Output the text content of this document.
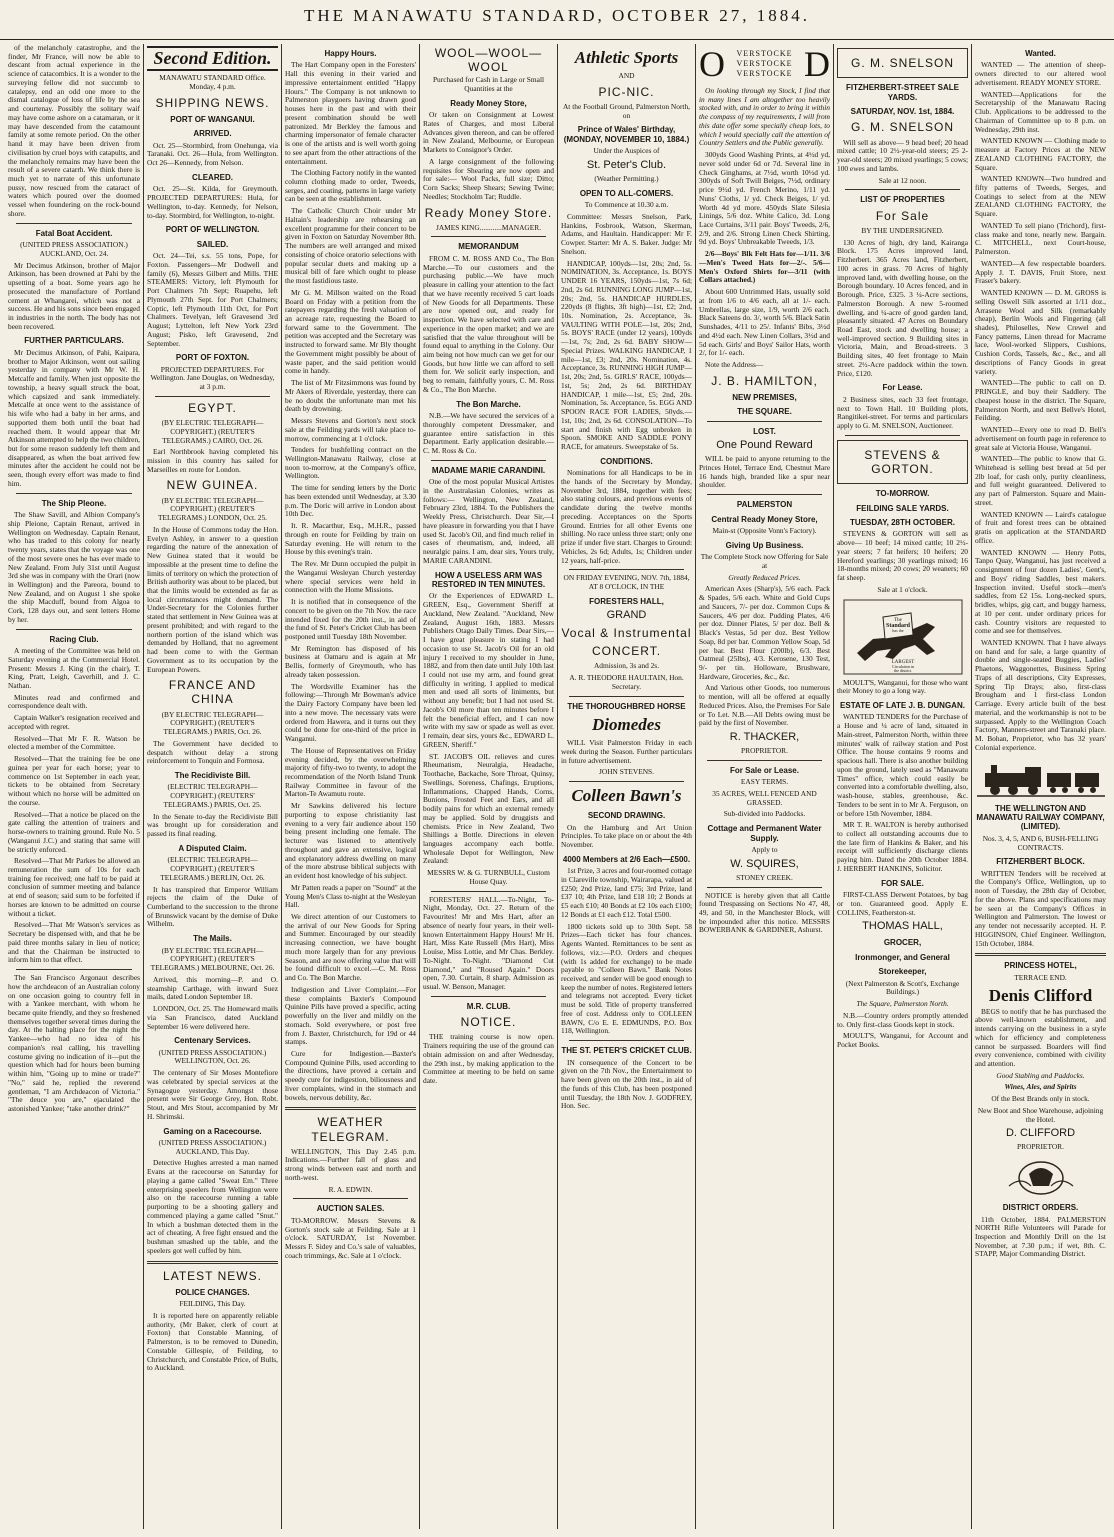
THE MANAWATU STANDARD, OCTOBER 27, 1884.

of the melancholy catastrophe, and the finder, Mr France, will now be able to descant from actual experience in the science of catacombics. It is a wonder to the surveying fellow did not succumb to catalepsy, end an odd one more to the dismal catalogue of loss of life by the sea and courtenay. Possibly the solitary waif may have come ashore on a catamaran, or it may have descended from the catamount family at some remote period. On the other hand it may have been driven from civilisation by cruel boys with catapults, and the melancholy remains may have been the result of a severe catarrh. We think there is much yet to narrate of this unfortunate pussy, now rescued from the cataract of waters which poured over the doomed vessel when foundering on the rock-bound shore.

Fatal Boat Accident.

(UNITED PRESS ASSOCIATION.) AUCKLAND, Oct. 24.

Mr Decimus Atkinson, brother of Major Atkinson, has been drowned at Pahi by the upsetting of a boat. Some years ago he prosecuted the manufacture of Portland cement at Whangarei, which was not a success. He and his sons since been engaged in industries in the north. The body has not been recovered.

FURTHER PARTICULARS.

Mr Decimus Atkinson, of Pahi, Kaipara, brother to Major Atkinson, went out sailing yesterday in company with Mr W. H. Metcalfe and family. When just opposite the township, a heavy squall struck the boat, which capsized and sank immediately. Metcalfe at once went to the assistance of his wife who had a baby in her arms, and supported them both until the boat had reached them. It would appear that Mr Atkinson attempted to help the two children, but for some reason suddenly left them and disappeared, as when the boat arrived few minutes after the accident he could not be seen, though every effort was made to find him.

The Ship Pleone.

The Shaw Savill, and Albion Company's ship Pleione, Captain Renaut, arrived in Wellington on Wednesday. Captain Renaut, who has traded to this colony for nearly twenty years, states that the voyage was one of the most severe ones he has ever made to New Zealand. From July 31st until August 3rd she was in company with the Orari (now in Wellington) and the Pareora, bound to New Zealand, and on August 1 she spoke the ship Macduff, bound from Algoa to Cork, 128 days out, and sent letters Home by her.

Racing Club.

A meeting of the Committee was held on Saturday evening at the Commercial Hotel. Present: Messrs J. King (in the chair), T. King, Pratt, Leigh, Caverhill, and J. C. Nathan.

Minutes read and confirmed and correspondence dealt with.

Captain Walker's resignation received and accepted with regret.

Resolved—That Mr F. R. Watson be elected a member of the Committee.

Resolved—That the training fee be one guinea per year for each horse; year to commence on 1st September in each year, tickets to be obtained from Secretary without which no horse will be admitted on the course.

Resolved—That a notice be placed on the gate calling the attention of trainers and horse-owners to training ground. Rule No. 5 (Wanganui J.C.) and stating that same will be strictly enforced.

Resolved—That Mr Parkes be allowed an remuneration the sum of 10s for each training fee received; one half to be paid at conclusion of summer meeting and balance at end of season; said sum to be forfeited if horses are known to be admitted on course without a ticket.

Resolved—That Mr Watson's services as Secretary be dispensed with, and that he be paid three months salary in lieu of notice; and that the Chairman be instructed to inform him to that effect.

The San Francisco Argonaut describes how the archdeacon of an Australian colony on one occasion going to country fell in with a Yankee merchant, with whom he became quite friendly, and they so freshened themselves together several times during the day. At the halting place for the night the Yankee—who had no idea of his companion's real calling, his travelling costume giving no indication of it—put the question which had for hours been burning within him, "Going up to mine or trade?" "No," said he, replied the reverend gentleman, "I am Archdeacon of Victoria." "The deuce you are," ejaculated the astonished Yankee; "take another drink?"

Second Edition.

MANAWATU STANDARD Office. Monday, 4 p.m.

SHIPPING NEWS.
PORT OF WANGANUI.
ARRIVED.

Oct. 25—Stormbird, from Onehunga, via Taranaki. Oct. 26—Hula, from Wellington. Oct 26—Kennedy, from Nelson.

CLEARED.

Oct. 25—St. Kilda, for Greymouth. PROJECTED DEPARTURES: Hula, for Wellington, to-day. Kennedy, for Nelson, to-day. Stormbird, for Wellington, to-night.

PORT OF WELLINGTON.
SAILED.

Oct. 24—Tei, s.s. 55 tons, Pope, for Foxton. Passengers—Mr Dodwell and family (6), Messrs Gilbert and Mills. THE STEAMERS: Victory, left Plymouth for Port Chalmers 7th Sept; Ruapehu, left Plymouth 27th Sept. for Port Chalmers; Coptic, left Plymouth 11th Oct, for Port Chalmers. Tevelyan, left Gravesend 3rd August; Lyttelton, left New York 23rd August; Pisko, left Gravesend, 2nd September.

PORT OF FOXTON.

PROJECTED DEPARTURES. For Wellington. Jane Douglas, on Wednesday, at 3 p.m.

EGYPT.

(BY ELECTRIC TELEGRAPH—COPYRIGHT.) (REUTER'S TELEGRAMS.) CAIRO, Oct. 26.

Earl Northbrook having completed his mission in this country has sailed for Marseilles en route for London.

NEW GUINEA.

(BY ELECTRIC TELEGRAPH—COPYRIGHT.) (REUTER'S TELEGRAMS.) LONDON, Oct. 25.

In the House of Commons today the Hon. Evelyn Ashley, in answer to a question regarding the nature of the annexation of New Guinea stated that it would be impossible at the present time to define the limits of territory on which the protection of British authority was about to be placed, but that the limits would be extended as far as local circumstances might demand. The Under-Secretary for the Colonies further stated that settlement in New Guinea was at present prohibited; and with regard to the northern portion of the island which was demanded by Holland, that no agreement had been come to with the German Government as to its occupation by the European Powers.

FRANCE AND CHINA

(BY ELECTRIC TELEGRAPH—COPYRIGHT.) (REUTER'S TELEGRAMS.) PARIS, Oct. 26.

The Government have decided to despatch without delay a strong reinforcement to Tonquin and Formosa.

The Recidiviste Bill.

(ELECTRIC TELEGRAPH—COPYRIGHT.) (REUTERS' TELEGRAMS.) PARIS, Oct. 25.

In the Senate to-day the Recidiviste Bill was brought up for consideration and passed its final reading.

A Disputed Claim.

(ELECTRIC TELEGRAPH—COPYRIGHT.) (REUTER'S TELEGRAMS.) BERLIN, Oct. 26.

It has transpired that Emperor William rejects the claim of the Duke of Cumberland to the succession to the throne of Brunswick vacant by the demise of Duke Wilhelm.

The Mails.

(BY ELECTRIC TELEGRAPH—COPYRIGHT.) (REUTER'S TELEGRAMS.) MELBOURNE, Oct. 26.

Arrived, this morning—P. and O. steamship Carthage, with inward Suez mails, dated London September 18.

LONDON, Oct. 25. The Homeward mails via San Francisco, dated Auckland September 16 were delivered here.

Centenary Services.

(UNITED PRESS ASSOCIATION.) WELLINGTON, Oct. 26.

The centenary of Sir Moses Montefiore was celebrated by special services at the Synagogue yesterday. Amongst those present were Sir George Grey, Hon. Robt. Stout, and Mrs Stout, accompanied by Mr H. Shrimski.

Gaming on a Racecourse.

(UNITED PRESS ASSOCIATION.) AUCKLAND, This Day.

Detective Hughes arrested a man named Evans at the racecourse on Saturday for playing a game called "Sweat Em." Three enterprising speelers from Wellington were also on the racecourse running a table purporting to be a shooting gallery and commenced playing a game called "Snut." In which a bushman detected them in the act of cheating. A free fight ensued and the bushman smashed up the table, and the speelers got well cuffed by him.

LATEST NEWS.
POLICE CHANGES.

FEILDING, This Day.

It is reported here on apparently reliable authority, (Mr Baker, clerk of court at Foxton) that Constable Manning, of Palmerston, is to be removed to Dunedin, Constable Gillespie, of Feilding, to Christchurch, and Constable Price, of Bulls, to Auckland.

Happy Hours.

The Hart Company open in the Foresters' Hall this evening in their varied and impressive entertainment entitled "Happy Hours." The Company is not unknown to Palmerston playgoers having drawn good houses here in the past and with their present combination should be well patronized. Mr Berkley the famous and charming impersonator of female character is one of the artists and is well worth going to see apart from the other attractions of the entertainment.

The Clothing Factory notify in the wanted column clothing made to order, Tweeds, serges, and coating, patterns in large variety can be seen at the establishment.

The Catholic Church Choir under Mr Haltain's leadership are rehearsing an excellent programme for their concert to be given in Foxton on Saturday November 8th. The numbers are well arranged and mixed consisting of choice oratorio selections with popular secular duets and making up a musical bill of fare which ought to please the most fastidious taste.

Mr G. M. Millson waited on the Road Board on Friday with a petition from the ratepayers regarding the fresh valuation of an acreage rate, requesting the Board to forward same to the Government. The petition was accepted and the Secretary was instructed to forward same. Mr Bly thought the Government might possibly be about of waste paper, and the said petition would come in handy.

The list of Mr Fitzsimmons was found by Mr Akers of Riverdale, yesterday, there can be no doubt the unfortunate man met his death by drowning.

Messrs Stevens and Gorton's next stock sale at the Feilding yards will take place to-morrow, commencing at 1 o'clock.

Tenders for bushfelling contract on the Wellington-Manawatu Railway, close at noon to-morrow, at the Company's office, Wellington.

The time for sending letters by the Doric has been extended until Wednesday, at 3.30 p.m. The Doric will arrive in London about 10th Dec.

It. R. Macarthur, Esq., M.H.R., passed through en route for Feilding by train on Saturday evening. He will return to the House by this evening's train.

The Rev. Mr Dunn occupied the pulpit in the Wanganui Wesleyan Church yesterday where special services were held in connection with the Home Missions.

It is notified that in consequence of the concert to be given on the 7th Nov. the race intended fixed for the 20th inst., in aid of the fund of St. Peter's Cricket Club has been postponed until Tuesday 18th November.

Mr Remington has disposed of his business at Oamaru and is again at Mr Bellis, formerly of Greymouth, who has already taken possession.

The Wordsville Examiner has the following:—Through Mr Bowman's advice the Dairy Factory Company have been led into a new move. The necessary vats were ordered from Hawera, and it turns out they could be done for one-third of the price in Wanganui.

The House of Representatives on Friday evening decided, by the overwhelming majority of fifty-two to twenty, to adopt the recommendation of the North Island Trunk Railway Committee in favour of the Marton-Te Awamutu route.

Mr Sawkins delivered his lecture purporting to expose christianity last evening to a very fair audience about 150 being present including one female. The lecturer was listened to attentively throughout and gave an extensive, logical and explanatory address dwelling on many of the more abstruse biblical subjects with an evident host knowledge of his subject.

Mr Patten reads a paper on "Sound" at the Young Men's Class to-night at the Wesleyan Hall.

We direct attention of our Customers to the arrival of our New Goods for Spring and Summer. Encouraged by our steadily increasing connection, we have bought much more largely than for any previous Season, and are now offering value that will be found difficult to excel.—C. M. Ross and Co. The Bon Marche.

Indigestion and Liver Complaint.—For these complaints Baxter's Compound Quinine Pills have proved a specific, acting powerfully on the liver and mildly on the stomach. Sold everywhere, or post free from J. Baxter, Christchurch, for 19d or 44 stamps.

Cure for Indigestion.—Baxter's Compound Quinine Pills, used according to the directions, have proved a certain and speedy cure for indigestion, biliousness and liver complaints, wind in the stomach and bowels, nervous debility, &c.

WEATHER TELEGRAM.

WELLINGTON, This Day 2.45 p.m. Indications.—Further fall of glass and strong winds between east and north and north-west.

R. A. EDWIN.

AUCTION SALES.

TO-MORROW. Messrs Stevens & Gorton's stock sale at Feilding. Sale at 1 o'clock. SATURDAY, 1st November. Messrs F. Sidey and Co.'s sale of valuables, coach trimmings, &c. Sale at 1 o'clock.

WOOL—WOOL—WOOL

Purchased for Cash in Large or Small Quantities at the

Ready Money Store,

Or taken on Consignment at Lowest Rates of Charges, and most Liberal Advances given thereon, and can be offered in New Zealand, Melbourne, or European Markets to Consignor's Order.

A large consignment of the following requisites for Shearing are now open and for sale:— Wool Packs, full size; Ditto; Corn Sacks; Sheep Shears; Sewing Twine; Needles; Stockholm Tar; Ruddle.

Ready Money Store.

JAMES KING............MANAGER.

MEMORANDUM

FROM C. M. ROSS AND Co., The Bon Marche.—To our customers and the purchasing public.—We have much pleasure in calling your attention to the fact that we have recently received 5 cart loads of New Goods for all Departments. These are now opened out, and ready for inspection. We have selected with care and experience in the open market; and we are satisfied that the value throughout will be found equal to anything in the Colony. Our aim being not how much can we get for our Goods, but how little we can afford to sell them for. We solicit early inspection, and beg to remain, faithfully yours, C. M. Ross & Co., The Bon Marche.

The Bon Marche.

N.B.—We have secured the services of a thoroughly competent Dressmaker, and guarantee entire satisfaction in this Department. Early application desirable.—C. M. Ross & Co.

MADAME MARIE CARANDINI.

One of the most popular Musical Artistes in the Australasian Colonies, writes as follows:— Wellington, New Zealand, February 23rd, 1884. To the Publishers the Weekly Press, Christchurch. Dear Sir,—I have pleasure in forwarding you that I have used St. Jacob's Oil, and find much relief in cases of rheumatism, and, indeed, all neuralgic pains. I am, dear sirs, Yours truly, MARIE CARANDINI.

HOW A USELESS ARM WAS RESTORED IN TEN MINUTES.

Or the Experiences of EDWARD L. GREEN, Esq., Government Sheriff at Auckland, New Zealand. "Auckland, New Zealand, August 16th, 1883. Messrs Publishers Otago Daily Times. Dear Sirs,—I have great pleasure in stating I had occasion to use St. Jacob's Oil for an old injury I received to my shoulder in June, 1882, and from then date until July 10th last I could not use my arm, and found great difficulty in writing. I applied to medical men and used all sorts of liniments, but without any benefit; but I had not used St. Jacob's Oil more than ten minutes before I felt the beneficial effect, and I can now write with my saw or spade as well as ever. I remain, dear sirs, yours &c., EDWARD L. GREEN, Sheriff."

ST. JACOB'S OIL relieves and cures Rheumatism, Neuralgia, Headache, Toothache, Backache, Sore Throat, Quinsy, Swellings, Soreness, Chafings, Eruptions, Inflammations, Chapped Hands, Corns, Bunions, Frosted Feet and Ears, and all bodily pains for which an external remedy may be applied. Sold by druggists and chemists. Price in New Zealand, Two Shillings a Bottle. Directions in eleven languages accompany each bottle. Wholesale Depot for Wellington, New Zealand:

MESSRS W. & G. TURNBULL, Custom House Quay.

FORESTERS' HALL.—To-Night, To-Night, Monday, Oct. 27. Return of the Favourites! Mr and Mrs Hart, after an absence of nearly four years, in their well-known Entertainment Happy Hours! Mr H. Hart, Miss Kate Russell (Mrs Hart), Miss Louise, Miss Lottie, and Mr Chas. Berkley. To-Night. To-Night. "Diamond Cut Diamond," and "Roused Again." Doors open, 7.30. Curtain, 8 sharp. Admission as usual. W. Benson, Manager.

M.R. CLUB.
NOTICE.

THE training course is now open. Trainers requiring the use of the ground can obtain admission on and after Wednesday, the 29th inst., by making application to the Committee at meeting to be held on same date.

Athletic Sports

AND

PIC-NIC.

At the Football Ground, Palmerston North, on

Prince of Wales' Birthday, (MONDAY, NOVEMBER 10, 1884.)

Under the Auspices of

St. Peter's Club.

(Weather Permitting.)

OPEN TO ALL-COMERS.

To Commence at 10.30 a.m.

Committee: Messrs Snelson, Park, Hankins, Fosbrook, Watson, Skerman, Adams, and Haultain. Handicapper: Mr F. Cowper. Starter: Mr A. S. Baker. Judge: Mr Snelson.

HANDICAP, 100yds—1st, 20s; 2nd, 5s. NOMINATION, 3s. Acceptance, 1s. BOYS UNDER 16 YEARS, 150yds—1st, 7s 6d; 2nd, 2s 6d. RUNNING LONG JUMP—1st, 20s; 2nd, 5s. HANDICAP HURDLES, 220yds (8 flights, 3ft high)—1st, £2; 2nd, 10s. Nomination, 2s. Acceptance, 3s. VAULTING WITH POLE—1st, 20s; 2nd, 5s. BOYS' RACE (under 12 years), 100yds—1st, 7s; 2nd, 2s 6d. BABY SHOW—Special Prizes. WALKING HANDICAP, 1 mile—1st, £3; 2nd, 20s. Nomination, 4s. Acceptance, 3s. RUNNING HIGH JUMP—1st, 20s; 2nd, 5s. GIRLS' RACE, 100yds—1st, 5s; 2nd, 2s 6d. BIRTHDAY HANDICAP, 1 mile—1st, £5; 2nd, 20s. Nomination, 5s. Acceptance, 5s. EGG AND SPOON RACE FOR LADIES, 50yds.—1st, 10s; 2nd, 2s 6d. CONSOLATION—To start and finish with Egg unbroken in Spoon. SMOKE AND SADDLE PONY RACE, for amateurs. Sweepstake of 5s.

CONDITIONS.

Nominations for all Handicaps to be in the hands of the Secretary by Monday, November 3rd, 1884, together with fees; also stating colours, and previous events of candidate during the twelve months preceding. Acceptances on the Sports Ground. Entries for all other Events one shilling. No race unless three start; only one prize if under five start. Charges to Ground: Vehicles, 2s 6d; Adults, 1s; Children under 12 years, half-price.

ON FRIDAY EVENING, NOV. 7th, 1884, AT 8 O'CLOCK, IN THE

FORESTERS HALL,
GRAND
Vocal & Instrumental
CONCERT.

Admission, 3s and 2s.

A. R. THEODORE HAULTAIN, Hon. Secretary.

THE THOROUGHBRED HORSE
Diomedes

WILL Visit Palmerston Friday in each week during the Season. Further particulars in future advertisement.

JOHN STEVENS.

Colleen Bawn's
SECOND DRAWING.

On the Hamburg and Art Union Principles. To take place on or about the 4th November.

4000 Members at 2/6 Each—£500.

1st Prize, 3 acres and four-roomed cottage in Clareville township, Wairarapa, valued at £250; 2nd Prize, land £75; 3rd Prize, land £37 10; 4th Prize, land £18 10; 2 Bonds at £5 each £10; 40 Bonds at £2 10s each £100; 12 Bonds at £1 each £12. Total £500.

1800 tickets sold up to 30th Sept. 58 Prizes—Each ticket has four chances. Agents Wanted. Remittances to be sent as follows, viz.:—P.O. Orders and cheques (with 1s added for exchange) to be made payable to "Colleen Bawn." Bank Notes received, and sender will be good enough to keep the number of notes. Registered letters and telegrams not accepted. Every ticket must be sold. Title of property transferred free of cost. Address only to COLLEEN BAWN, C/o E. E. EDMUNDS, P.O. Box 118, Wellington.

THE ST. PETER'S CRICKET CLUB.

IN consequence of the Concert to be given on the 7th Nov., the Entertainment to have been given on the 20th inst., in aid of the funds of this Club, has been postponed until Tuesday, the 18th Nov. J. GODFREY, Hon. Sec.

O VERSTOCKE
VERSTOCKE
VERSTOCKE D

On looking through my Stock, I find that in many lines I am altogether too heavily stocked with, and in order to bring it within the compass of my requirements, I will from this date offer some specially cheap lots, to which I would specially call the attention of Country Settlers and the Public generally.

300yds Good Washing Prints, at 4½d yd, never sold under 6d or 7d. Several line in Check Ginghams, at 7½d, worth 10½d yd. 300yds of Soft Twill Beiges, 7½d, ordinary price 9½d yd. French Merino, 1/11 yd. Nuns' Cloths, 1/ yd. Check Beiges, 1/ yd. Worth 4d yd more. 450yds Slate Silesia Linings, 5/6 doz. White Calico, 3d. Long Lace Curtains, 3/11 pair. Boys' Tweeds, 2/6, 2/9, and 2/6. Strong Linen Check Shirting, 9d yd. Boys' Unbreakable Tweeds, 1/3.

2/6—Boys' Blk Felt Hats for—1/11. 3/6—Men's Tweed Hats for—2/-. 5/6—Men's Oxford Shirts for—3/11 (with Collars attached.)

About 600 Untrimmed Hats, usually sold at from 1/6 to 4/6 each, all at 1/- each. Umbrellas, large size, 1/9, worth 2/6 each. Black Sateens do. 3/, worth 5/6. Black Satin Sunshades, 4/11 to 25/. Infants' Bibs, 3½d and 4½d each. New Linen Collars, 3½d and 5d each. Girls' and Boys' Sailor Hats, worth 2/, for 1/- each.

Note the Address—

J. B. HAMILTON,
NEW PREMISES,
THE SQUARE.
LOST.
One Pound Reward

WILL be paid to anyone returning to the Princes Hotel, Terrace End, Chestnut Mare 16 hands high, branded like a spur near shoulder.

PALMERSTON
Central Ready Money Store,

Main-st (Opposite Vonn's Factory).

Giving Up Business.

The Complete Stock now Offering for Sale at

Greatly Reduced Prices.

American Axes (Sharp's), 5/6 each. Pack & Spades, 5/6 each. White and Gold Cups and Saucers, 7/- per doz. Common Cups & Saucers, 4/6 per doz. Pudding Plates, 4/6 per doz. Dinner Plates, 5/ per doz. Bell & Black's Vestas, 5d per doz. Best Yellow Soap, 8d per bar. Common Yellow Soap, 5d per bar. Best Flour (200lb), 6/3. Best Oatmeal (25lbs), 4/3. Kerosene, 130 Test, 9/- per tin. Holloware, Brushware, Hardware, Groceries, &c., &c.

And Various other Goods, too numerous to mention, will all be offered at equally Reduced Prices. Also, the Premises For Sale or To Let. N.B.—All Debts owing must be paid by the first of November.

R. THACKER,

PROPRIETOR.

For Sale or Lease.

EASY TERMS.

35 ACRES, WELL FENCED AND GRASSED.

Sub-divided into Paddocks.

Cottage and Permanent Water Supply.

Apply to

W. SQUIRES,

STONEY CREEK.

NOTICE is hereby given that all Cattle found Trespassing on Sections No 47, 48, 49, and 50, in the Manchester Block, will be impounded after this notice. MESSRS BOWERBANK & GARDINER, Ashurst.

G. M. SNELSON
FITZHERBERT-STREET SALE YARDS.
SATURDAY, NOV. 1st, 1884.
G. M. SNELSON

Will sell as above— 9 head beef; 20 head mixed cattle; 10 2½-year-old steers; 25 2-year-old steers; 20 mixed yearlings; 5 cows; 100 ewes and lambs.

Sale at 12 noon.

LIST OF PROPERTIES
For Sale

BY THE UNDERSIGNED.

130 Acres of high, dry land, Kairanga Block. 175 Acres improved land, Fitzherbert. 365 Acres land, Fitzherbert, 100 acres in grass. 70 Acres of highly improved land, with dwelling house, on the Borough boundary. 10 Acres fenced, and in Borough. Price, £325. 3 ¼-Acre sections, Palmerston Borough. A new 5-roomed dwelling, and ¼-acre of good garden land, pleasantly situated. 47 Acres on Boundary Road East, stock and dwelling house; a well-improved section. 9 Building sites in Victoria, Main, and Broad-streets. 3 Building sites, 40 feet frontage to Main street. 2½-Acre paddock within the town. Price, £120.

For Lease.

2 Business sites, each 33 feet frontage, next to Town Hall. 10 Building plots, Rangitikei-street. For terms and particulars apply to G. M. SNELSON, Auctioneer.

STEVENS & GORTON.
TO-MORROW.
FEILDING SALE YARDS.
TUESDAY, 28TH OCTOBER.

STEVENS & GORTON will sell as above— 10 beef; 14 mixed cattle; 10 2½-year steers; 7 fat heifers; 10 heifers; 20 Hereford yearlings; 30 yearlings mixed; 16 18-months mixed; 20 cows; 20 weaners; 60 fat sheep.

Sale at 1 o'clock.

The
Standard
has the
LARGEST
Circulation in
the district.

MOULT'S, Wanganui, for those who want their Money to go a long way.

ESTATE OF LATE J. B. DUNGAN.

WANTED TENDERS for the Purchase of a House and ¼ acre of land, situated in Main-street, Palmerston North, within three minutes' walk of railway station and Post Office. The house contains 9 rooms and spacious hall. There is also another building upon the ground, lately used as "Manawatu Times" office, which could easily be converted into a comfortable dwelling, also, wash-house, stables, greenhouse, &c. Tenders to be sent in to Mr A. Ferguson, on or before 15th November, 1884.

MR T. R. WALTON is hereby authorised to collect all outstanding accounts due to the late firm of Hankins & Baker, and his receipt will sufficiently discharge clients paying him. Dated the 20th October 1884. J. HERBERT HANKINS, Solicitor.

FOR SALE.

FIRST-CLASS Derwent Potatoes, by bag or ton. Guaranteed good. Apply E. COLLINS, Featherston-st.

THOMAS HALL,
GROCER,
Ironmonger, and General
Storekeeper,

(Next Palmerston & Scott's, Exchange Buildings.)

The Square, Palmerston North.

N.B.—Country orders promptly attended to. Only first-class Goods kept in stock.

MOULT'S, Wanganui, for Account and Pocket Books.

Wanted.

WANTED — The attention of sheep-owners directed to our altered wool advertisement. READY MONEY STORE.

WANTED—Applications for the Secretaryship of the Manawatu Racing Club. Applications to be addressed to the Chairman of Committee up to 8 p.m. on Wednesday, 29th inst.

WANTED KNOWN — Clothing made to measure at Factory Prices at the NEW ZEALAND CLOTHING FACTORY, the Square.

WANTED KNOWN—Two hundred and fifty patterns of Tweeds, Serges, and Coatings to select from at the NEW ZEALAND CLOTHING FACTORY, the Square.

WANTED To sell piano (Trichord), first-class make and tone, nearly new. Bargain. C. MITCHELL, next Court-house, Palmerston.

WANTED—A few respectable boarders. Apply J. T. DAVIS, Fruit Store, next Fraser's bakery.

WANTED KNOWN — D. M. GROSS is selling Oswell Silk assorted at 1/11 doz., Arrasene Wool and Silk (remarkably cheap), Berlin Wools and Fingering (all shades), Philoselles, New Crewel and Fancy patterns, Linen thread for Macrame lace, Wool-worked Slippers, Cushions, Cushion Cords, Tassels, &c., &c., and all descriptions of Fancy Goods in great variety.

WANTED—The public to call on D. PRINGLE, and buy their Saddlery. The cheapest house in the district. The Square, Palmerston North, and next Bellve's Hotel, Feilding.

WANTED—Every one to read D. Bell's advertisement on fourth page in reference to great sale at Victoria House, Wanganui.

WANTED—The public to know that G. Whitehead is selling best bread at 5d per 2lb loaf, for cash only, purity cleanliness, and full weight guaranteed. Delivered to any part of Palmerston. Square and Main-street.

WANTED KNOWN — Laird's catalogue of fruit and forest trees can be obtained gratis on application at the STANDARD office.

WANTED KNOWN — Henry Potts, Tanpo Quay, Wanganui, has just received a consignment of four dozen Ladies', Gent's, and Boys' riding Saddles, best makers. Inspection invited. Useful stock—men's saddles, from £2 15s. Long-necked spurs, bridles, whips, gig cart, and buggy harness, at 10 per cent. under ordinary prices for cash. Country visitors are requested to come and see for themselves.

WANTED KNOWN. That I have always on hand and for sale, a large quantity of double and single-seated Buggies, Ladies' Phaetons, Waggonettes, Business Spring Traps of all descriptions, City Expresses, Spring Tip Drays; also, first-class Brougham and 1 first-class London Carriage. Every article built of the best material, and the workmanship is not to be surpassed. Apply to the Wellington Coach Factory, Manners-street and Taranaki place. M. Bohan, Proprietor, who has 32 years' Colonial experience.

THE WELLINGTON AND MANAWATU RAILWAY COMPANY, (LIMITED).

Nos. 3, 4, 5, AND 6, BUSH-FELLING CONTRACTS.

FITZHERBERT BLOCK.

WRITTEN Tenders will be received at the Company's Office, Wellington, up to noon of Tuesday, the 28th day of October, for the above. Plans and specifications may be seen at the Company's Offices in Wellington and Palmerston. The lowest or any tender not necessarily accepted. H. P. HIGGINSON, Chief Engineer. Wellington, 15th October, 1884.

PRINCESS HOTEL,

TERRACE END.

Denis Clifford

BEGS to notify that he has purchased the above well-known establishment, and intends carrying on the business in a style which for efficiency and completeness cannot be surpassed. Boarders will find every convenience, combined with civility and attention.

Good Stabling and Paddocks.

Wines, Ales, and Spirits

Of the Best Brands only in stock.

New Boot and Shoe Warehouse, adjoining the Hotel.

D. CLIFFORD

PROPRIETOR.

DISTRICT ORDERS.

11th October, 1884. PALMERSTON NORTH Rifle Volunteers will Parade for Inspection and Monthly Drill on the 1st November, at 7.30 p.m.; if wet, 8th. C. STAPP, Major Commanding District.
